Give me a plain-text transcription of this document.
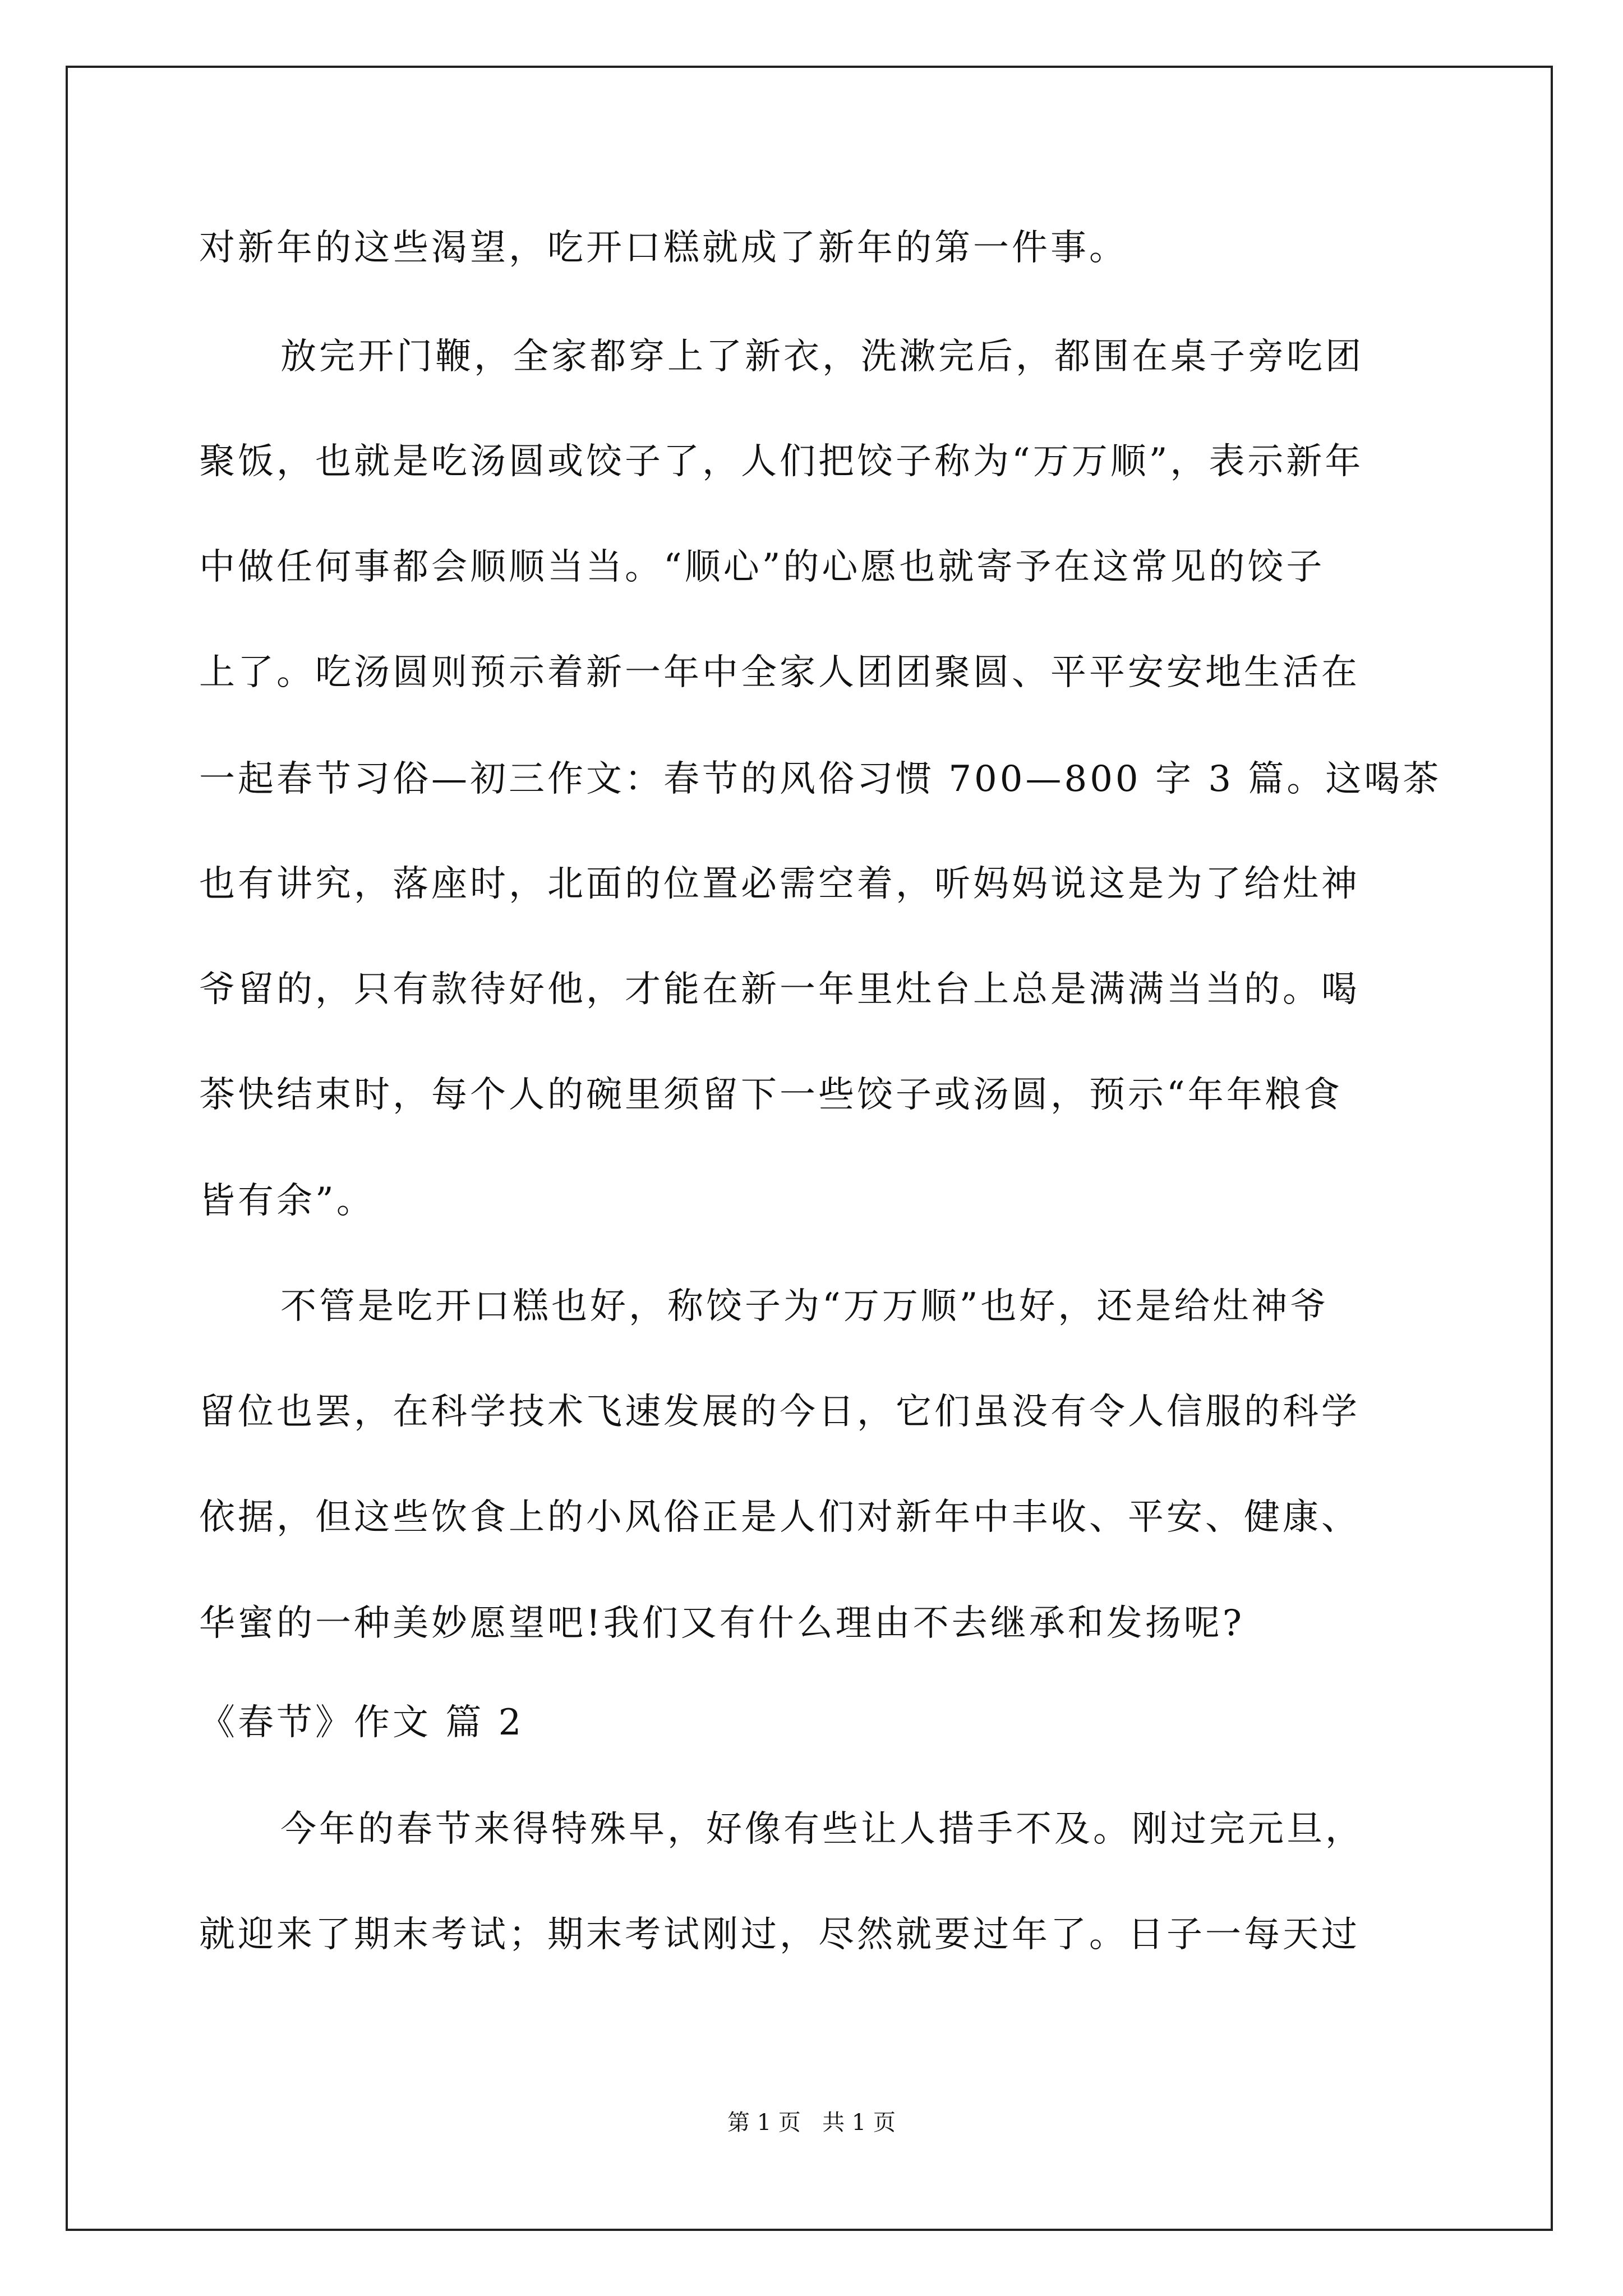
对新年的这些渴望，吃开口糕就成了新年的第一件事。
放完开门鞭，全家都穿上了新衣，洗漱完后，都围在桌子旁吃团
聚饭，也就是吃汤圆或饺子了，人们把饺子称为“万万顺”，表示新年
中做任何事都会顺顺当当。“顺心”的心愿也就寄予在这常见的饺子
上了。吃汤圆则预示着新一年中全家人团团聚圆、平平安安地生活在
一起春节习俗—初三作文：春节的风俗习惯 700—800 字 3 篇。这喝茶
也有讲究，落座时，北面的位置必需空着，听妈妈说这是为了给灶神
爷留的，只有款待好他，才能在新一年里灶台上总是满满当当的。喝
茶快结束时，每个人的碗里须留下一些饺子或汤圆，预示“年年粮食
皆有余”。
不管是吃开口糕也好，称饺子为“万万顺”也好，还是给灶神爷
留位也罢，在科学技术飞速发展的今日，它们虽没有令人信服的科学
依据，但这些饮食上的小风俗正是人们对新年中丰收、平安、健康、
华蜜的一种美妙愿望吧!我们又有什么理由不去继承和发扬呢?
《春节》作文 篇 2
今年的春节来得特殊早，好像有些让人措手不及。刚过完元旦，
就迎来了期末考试；期末考试刚过，尽然就要过年了。日子一每天过
第 1 页   共 1 页
